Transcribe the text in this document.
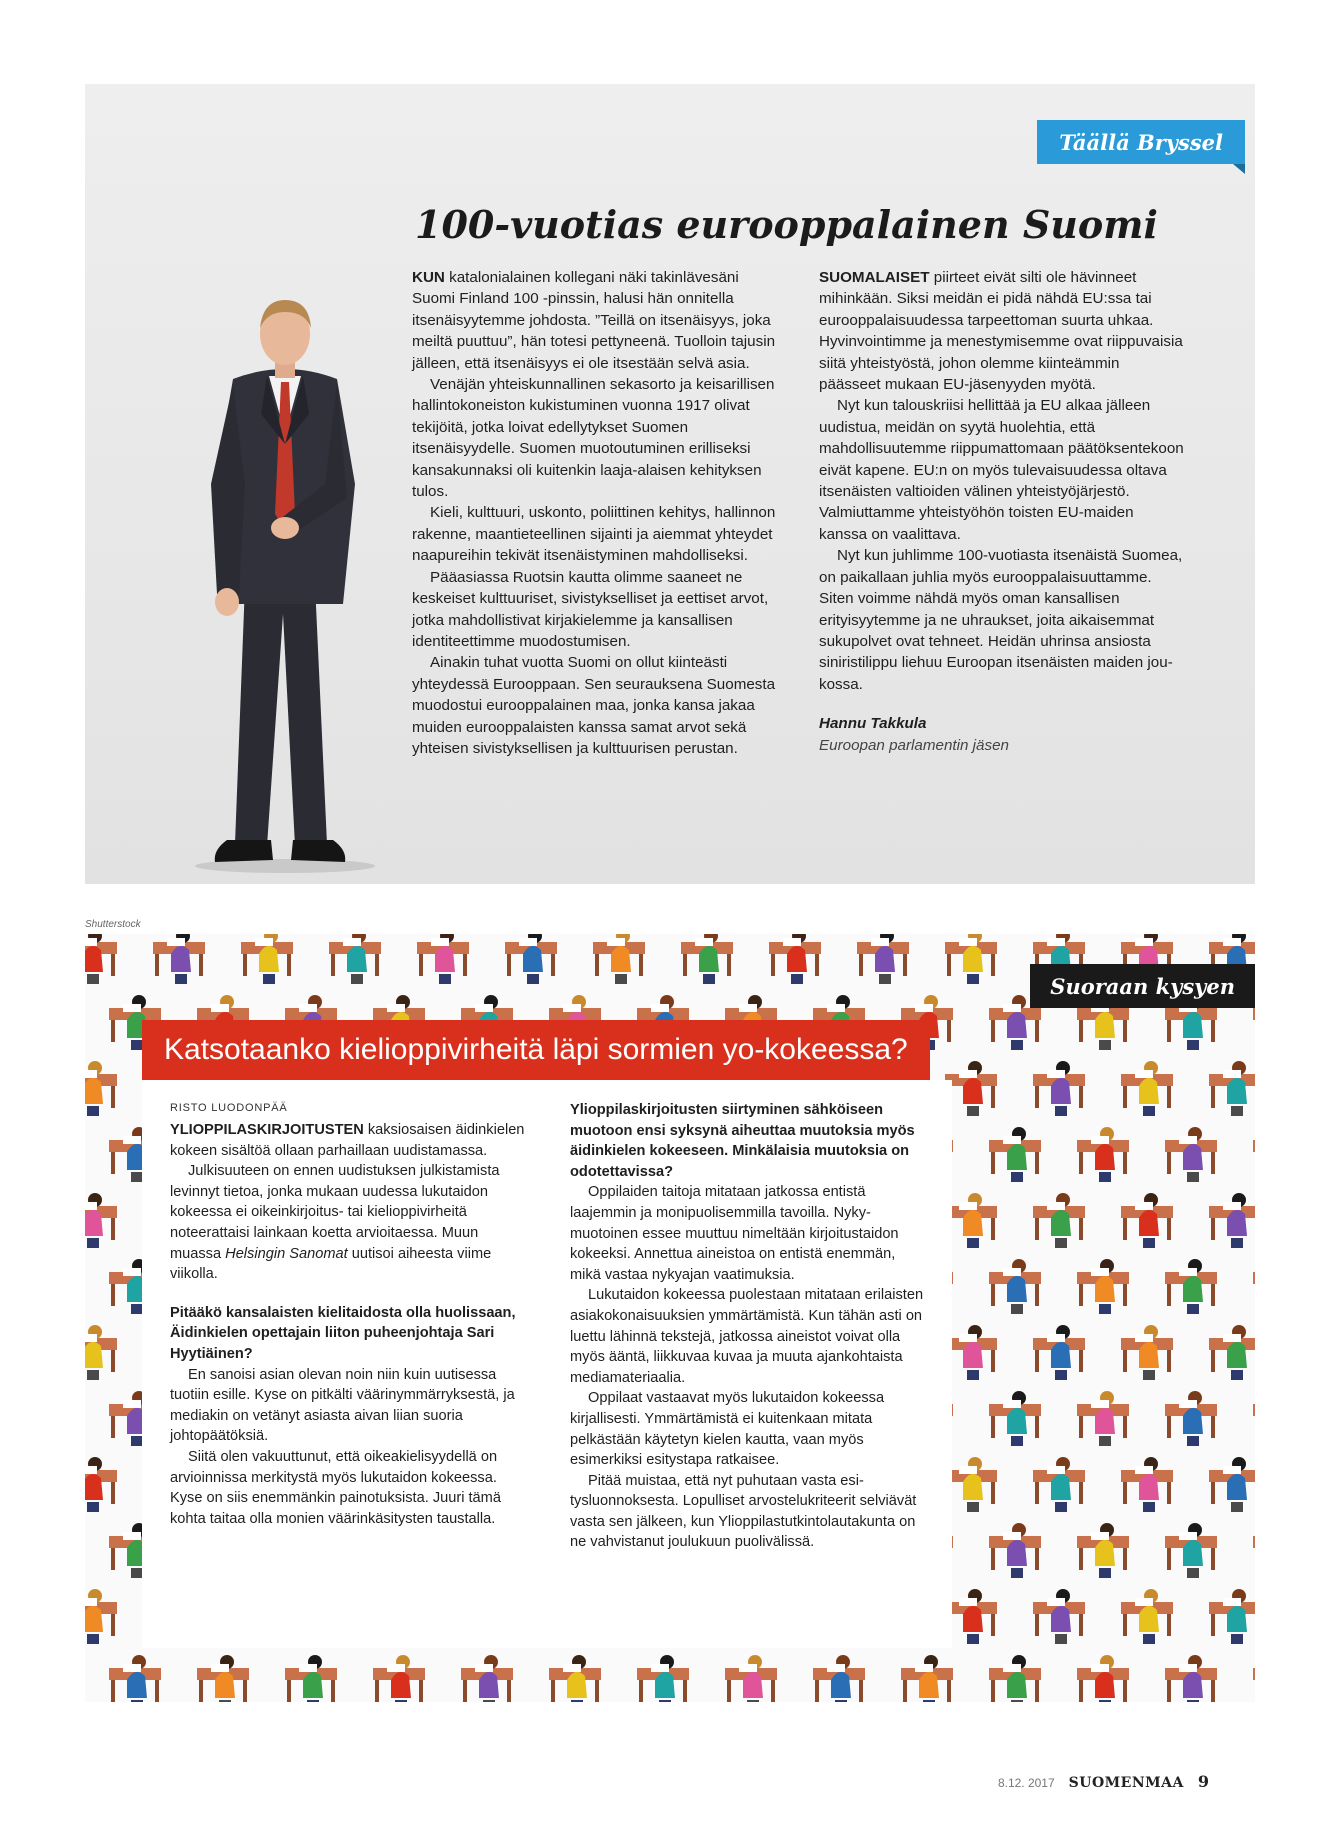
Täällä Bryssel
100-vuotias eurooppalainen Suomi

KUN katalonialainen kollegani näki takinlävesäni Suomi Finland 100 -pinssin, halusi hän onnitella itsenäisyytemme johdosta. ”Teillä on itsenäisyys, joka meiltä puuttuu”, hän totesi pettyneenä. Tuolloin tajusin jälleen, että itsenäisyys ei ole itsestään selvä asia.

Venäjän yhteiskunnallinen sekasorto ja keisarillisen hallintokoneiston kukistuminen vuonna 1917 olivat tekijöitä, jotka loivat edellytykset Suomen itsenäisyydelle. Suomen muotoutuminen erilliseksi kansakunnaksi oli kuitenkin laaja-alaisen kehityksen tulos.

Kieli, kulttuuri, uskonto, poliittinen kehitys, hallinnon rakenne, maantieteellinen sijainti ja aiemmat yhteydet naapureihin tekivät itsenäistyminen mahdolliseksi.

Pääasiassa Ruotsin kautta olimme saaneet ne keskeiset kulttuuriset, sivistykselliset ja eettiset arvot, jotka mahdollistivat kirjakielemme ja kansallisen identiteettimme muodostumisen.

Ainakin tuhat vuotta Suomi on ollut kiinteästi yhteydessä Eurooppaan. Sen seurauksena Suomesta muodostui eurooppalainen maa, jonka kansa jakaa muiden eurooppalaisten kanssa samat arvot sekä yhteisen sivistyksellisen ja kulttuurisen perustan.

SUOMALAISET piirteet eivät silti ole hävinneet mihinkään. Siksi meidän ei pidä nähdä EU:ssa tai eurooppalaisuudessa tarpeettoman suurta uhkaa. Hyvinvointimme ja menestymisemme ovat riippuvaisia siitä yhteistyöstä, johon olemme kiinteämmin päässeet mukaan EU-jäsenyyden myötä.

Nyt kun talouskriisi hellittää ja EU alkaa jälleen uudistua, meidän on syytä huolehtia, että mahdollisuutemme riippumattomaan päätöksentekoon eivät kapene. EU:n on myös tulevaisuudessa oltava itsenäisten valtioiden välinen yhteistyöjärjestö. Valmiuttamme yhteistyöhön toisten EU-maiden kanssa on vaalittava.

Nyt kun juhlimme 100-vuotiasta itsenäistä Suomea, on paikallaan juhlia myös eurooppalaisuuttamme. Siten voimme nähdä myös oman kansallisen erityisyytemme ja ne uhraukset, joita aikaisemmat sukupolvet ovat tehneet. Heidän uhrinsa ansiosta siniristilippu liehuu Euroopan itsenäisten maiden joukossa.

Hannu Takkula
Euroopan parlamentin jäsen
Shutterstock
Suoraan kysyen
Katsotaanko kielioppivirheitä läpi sormien yo-kokeessa?
RISTO LUODONPÄÄ

YLIOPPILASKIRJOITUSTEN kaksiosaisen äidinkielen kokeen sisältöä ollaan parhaillaan uudistamassa.

Julkisuuteen on ennen uudistuksen julkistamista levinnyt tietoa, jonka mukaan uudessa lukutaidon kokeessa ei oikeinkirjoitus- tai kielioppivirheitä noteerattaisi lainkaan koetta arvioitaessa. Muun muassa Helsingin Sanomat uutisoi aiheesta viime viikolla.

Pitääkö kansalaisten kielitaidosta olla huolissaan, Äidinkielen opettajain liiton puheenjohtaja Sari Hyytiäinen?

En sanoisi asian olevan noin niin kuin uutisessa tuotiin esille. Kyse on pitkälti väärinymmärryksestä, ja mediakin on vetänyt asiasta aivan liian suoria johtopäätöksiä.

Siitä olen vakuuttunut, että oikeakielisyydellä on arvioinnissa merkitystä myös lukutaidon kokeessa. Kyse on siis enemmänkin painotuksista. Juuri tämä kohta taitaa olla monien väärinkäsitysten taustalla.

Ylioppilaskirjoitusten siirtyminen sähköiseen muotoon ensi syksynä aiheuttaa muutoksia myös äidinkielen kokeeseen. Minkälaisia muutoksia on odotettavissa?

Oppilaiden taitoja mitataan jatkossa entistä laajemmin ja monipuolisemmilla tavoilla. Nykymuotoinen essee muuttuu nimeltään kirjoitustaidon kokeeksi. Annettua aineistoa on entistä enemmän, mikä vastaa nykyajan vaatimuksia.

Lukutaidon kokeessa puolestaan mitataan erilaisten asiakokonaisuuksien ymmärtämistä. Kun tähän asti on luettu lähinnä tekstejä, jatkossa aineistot voivat olla myös ääntä, liikkuvaa kuvaa ja muuta ajankohtaista mediamateriaalia.

Oppilaat vastaavat myös lukutaidon kokeessa kirjallisesti. Ymmärtämistä ei kuitenkaan mitata pelkästään käytetyn kielen kautta, vaan myös esimerkiksi esitystapa ratkaisee.

Pitää muistaa, että nyt puhutaan vasta esitysluonnoksesta. Lopulliset arvostelukriteerit selviävät vasta sen jälkeen, kun Ylioppilastutkintolautakunta on ne vahvistanut joulukuun puolivälissä.

8.12. 2017 SUOMENMAA 9
